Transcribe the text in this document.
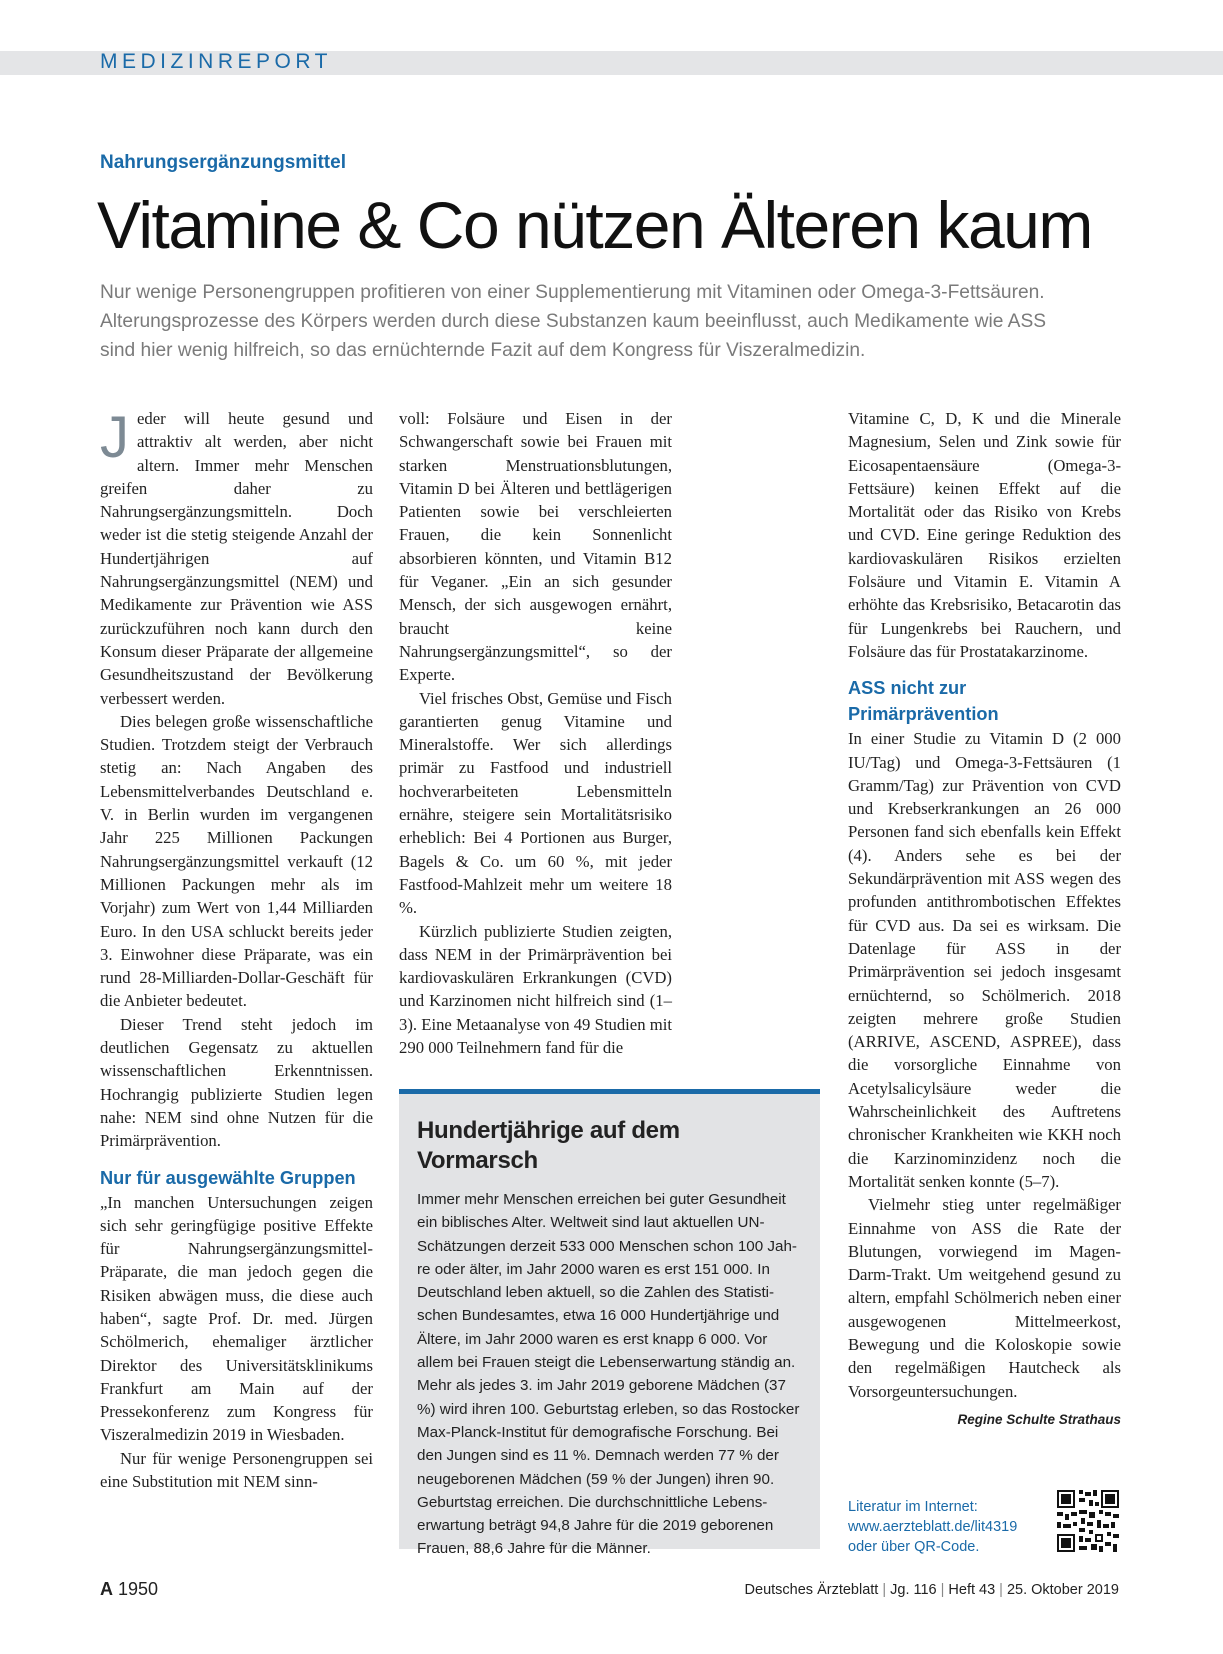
MEDIZINREPORT
Nahrungsergänzungsmittel
Vitamine & Co nützen Älteren kaum
Nur wenige Personengruppen profitieren von einer Supplementierung mit Vitaminen oder Omega-3-Fettsäuren.
Alterungsprozesse des Körpers werden durch diese Substanzen kaum beeinflusst, auch Medikamente wie ASS
sind hier wenig hilfreich, so das ernüchternde Fazit auf dem Kongress für Viszeralmedizin.

Jeder will heute gesund und attraktiv alt werden, aber nicht altern. Immer mehr Menschen greifen daher zu Nahrungsergänzungsmitteln. Doch weder ist die stetig steigende Anzahl der Hundertjährigen auf Nahrungsergänzungsmittel (NEM) und Medikamente zur Prävention wie ASS zurückzuführen noch kann durch den Konsum dieser Präparate der allgemeine Gesundheitszustand der Bevölkerung verbessert werden.

Dies belegen große wissenschaftliche Studien. Trotzdem steigt der Verbrauch stetig an: Nach Angaben des Lebensmittelverbandes Deutschland e. V. in Berlin wurden im vergangenen Jahr 225 Millionen Packungen Nahrungsergänzungsmittel verkauft (12 Millionen Packungen mehr als im Vorjahr) zum Wert von 1,44 Milliarden Euro. In den USA schluckt bereits jeder 3. Einwohner diese Präparate, was ein rund 28-Milliarden-Dollar-Geschäft für die Anbieter bedeutet.

Dieser Trend steht jedoch im deutlichen Gegensatz zu aktuellen wissenschaftlichen Erkenntnissen. Hochrangig publizierte Studien legen nahe: NEM sind ohne Nutzen für die Primärprävention.

Nur für ausgewählte Gruppen

„In manchen Untersuchungen zeigen sich sehr geringfügige positive Effekte für Nahrungsergänzungsmittel-Präparate, die man jedoch gegen die Risiken abwägen muss, die diese auch haben“, sagte Prof. Dr. med. Jürgen Schölmerich, ehemaliger ärztlicher Direktor des Universitätsklinikums Frankfurt am Main auf der Pressekonferenz zum Kongress für Viszeralmedizin 2019 in Wiesbaden.

Nur für wenige Personengruppen sei eine Substitution mit NEM sinn-

voll: Folsäure und Eisen in der Schwangerschaft sowie bei Frauen mit starken Menstruationsblutungen, Vitamin D bei Älteren und bettlägerigen Patienten sowie bei verschleierten Frauen, die kein Sonnenlicht absorbieren könnten, und Vitamin B12 für Veganer. „Ein an sich gesunder Mensch, der sich ausgewogen ernährt, braucht keine Nahrungsergänzungsmittel“, so der Experte.

Viel frisches Obst, Gemüse und Fisch garantierten genug Vitamine und Mineralstoffe. Wer sich allerdings primär zu Fastfood und industriell hochverarbeiteten Lebensmitteln ernähre, steigere sein Mortalitätsrisiko erheblich: Bei 4 Portionen aus Burger, Bagels & Co. um 60 %, mit jeder Fastfood-Mahlzeit mehr um weitere 18 %.

Kürzlich publizierte Studien zeigten, dass NEM in der Primärprävention bei kardiovaskulären Erkrankungen (CVD) und Karzinomen nicht hilfreich sind (1–3). Eine Metaanalyse von 49 Studien mit 290 000 Teilnehmern fand für die

Hundertjährige auf dem Vormarsch
Immer mehr Menschen erreichen bei guter Gesundheit
ein biblisches Alter. Weltweit sind laut aktuellen UN-
Schätzungen derzeit 533 000 Menschen schon 100 Jah-
re oder älter, im Jahr 2000 waren es erst 151 000. In
Deutschland leben aktuell, so die Zahlen des Statisti-
schen Bundesamtes, etwa 16 000 Hundertjährige und
Ältere, im Jahr 2000 waren es erst knapp 6 000. Vor
allem bei Frauen steigt die Lebenserwartung ständig an.
Mehr als jedes 3. im Jahr 2019 geborene Mädchen (37
%) wird ihren 100. Geburtstag erleben, so das Rostocker
Max-Planck-Institut für demografische Forschung. Bei
den Jungen sind es 11 %. Demnach werden 77 % der
neugeborenen Mädchen (59 % der Jungen) ihren 90.
Geburtstag erreichen. Die durchschnittliche Lebens-
erwartung beträgt 94,8 Jahre für die 2019 geborenen
Frauen, 88,6 Jahre für die Männer.

Vitamine C, D, K und die Minerale Magnesium, Selen und Zink sowie für Eicosapentaensäure (Omega-3-Fettsäure) keinen Effekt auf die Mortalität oder das Risiko von Krebs und CVD. Eine geringe Reduktion des kardiovaskulären Risikos erzielten Folsäure und Vitamin E. Vitamin A erhöhte das Krebsrisiko, Betacarotin das für Lungenkrebs bei Rauchern, und Folsäure das für Prostatakarzinome.

ASS nicht zur Primärprävention

In einer Studie zu Vitamin D (2 000 IU/Tag) und Omega-3-Fettsäuren (1 Gramm/Tag) zur Prävention von CVD und Krebserkrankungen an 26 000 Personen fand sich ebenfalls kein Effekt (4). Anders sehe es bei der Sekundärprävention mit ASS wegen des profunden antithrombotischen Effektes für CVD aus. Da sei es wirksam. Die Datenlage für ASS in der Primärprävention sei jedoch insgesamt ernüchternd, so Schölmerich. 2018 zeigten mehrere große Studien (ARRIVE, ASCEND, ASPREE), dass die vorsorgliche Einnahme von Acetylsalicylsäure weder die Wahrscheinlichkeit des Auftretens chronischer Krankheiten wie KKH noch die Karzinominzidenz noch die Mortalität senken konnte (5–7).

Vielmehr stieg unter regelmäßiger Einnahme von ASS die Rate der Blutungen, vorwiegend im Magen-Darm-Trakt. Um weitgehend gesund zu altern, empfahl Schölmerich neben einer ausgewogenen Mittelmeerkost, Bewegung und die Koloskopie sowie den regelmäßigen Hautcheck als Vorsorgeuntersuchungen.
Regine Schulte Strathaus

Literatur im Internet:
www.aerzteblatt.de/lit4319
oder über QR-Code.
A 1950	Deutsches Ärzteblatt | Jg. 116 | Heft 43 | 25. Oktober 2019
